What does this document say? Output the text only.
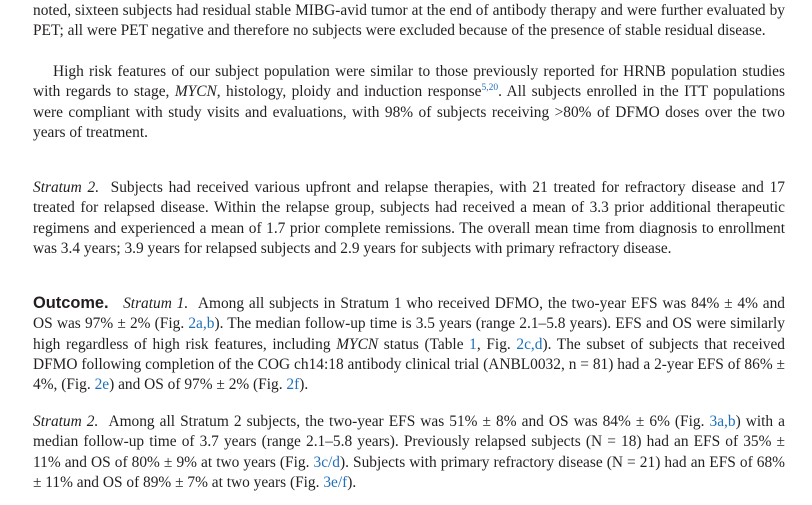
noted, sixteen subjects had residual stable MIBG-avid tumor at the end of antibody therapy and were further evaluated by PET; all were PET negative and therefore no subjects were excluded because of the presence of stable residual disease.

High risk features of our subject population were similar to those previously reported for HRNB population studies with regards to stage, MYCN, histology, ploidy and induction response$^{5,20}$. All subjects enrolled in the ITT populations were compliant with study visits and evaluations, with 98% of subjects receiving >80% of DFMO doses over the two years of treatment.

Stratum 2. Subjects had received various upfront and relapse therapies, with 21 treated for refractory disease and 17 treated for relapsed disease. Within the relapse group, subjects had received a mean of 3.3 prior additional therapeutic regimens and experienced a mean of 1.7 prior complete remissions. The overall mean time from diagnosis to enrollment was 3.4 years; 3.9 years for relapsed subjects and 2.9 years for subjects with primary refractory disease.

Outcome. Stratum 1. Among all subjects in Stratum 1 who received DFMO, the two-year EFS was 84% ± 4% and OS was 97% ± 2% (Fig. 2a,b). The median follow-up time is 3.5 years (range 2.1–5.8 years). EFS and OS were similarly high regardless of high risk features, including MYCN status (Table 1, Fig. 2c,d). The subset of subjects that received DFMO following completion of the COG ch14:18 antibody clinical trial (ANBL0032, n = 81) had a 2-year EFS of 86% ± 4%, (Fig. 2e) and OS of 97% ± 2% (Fig. 2f).

Stratum 2. Among all Stratum 2 subjects, the two-year EFS was 51% ± 8% and OS was 84% ± 6% (Fig. 3a,b) with a median follow-up time of 3.7 years (range 2.1–5.8 years). Previously relapsed subjects (N = 18) had an EFS of 35% ± 11% and OS of 80% ± 9% at two years (Fig. 3c/d). Subjects with primary refractory disease (N = 21) had an EFS of 68% ± 11% and OS of 89% ± 7% at two years (Fig. 3e/f).
